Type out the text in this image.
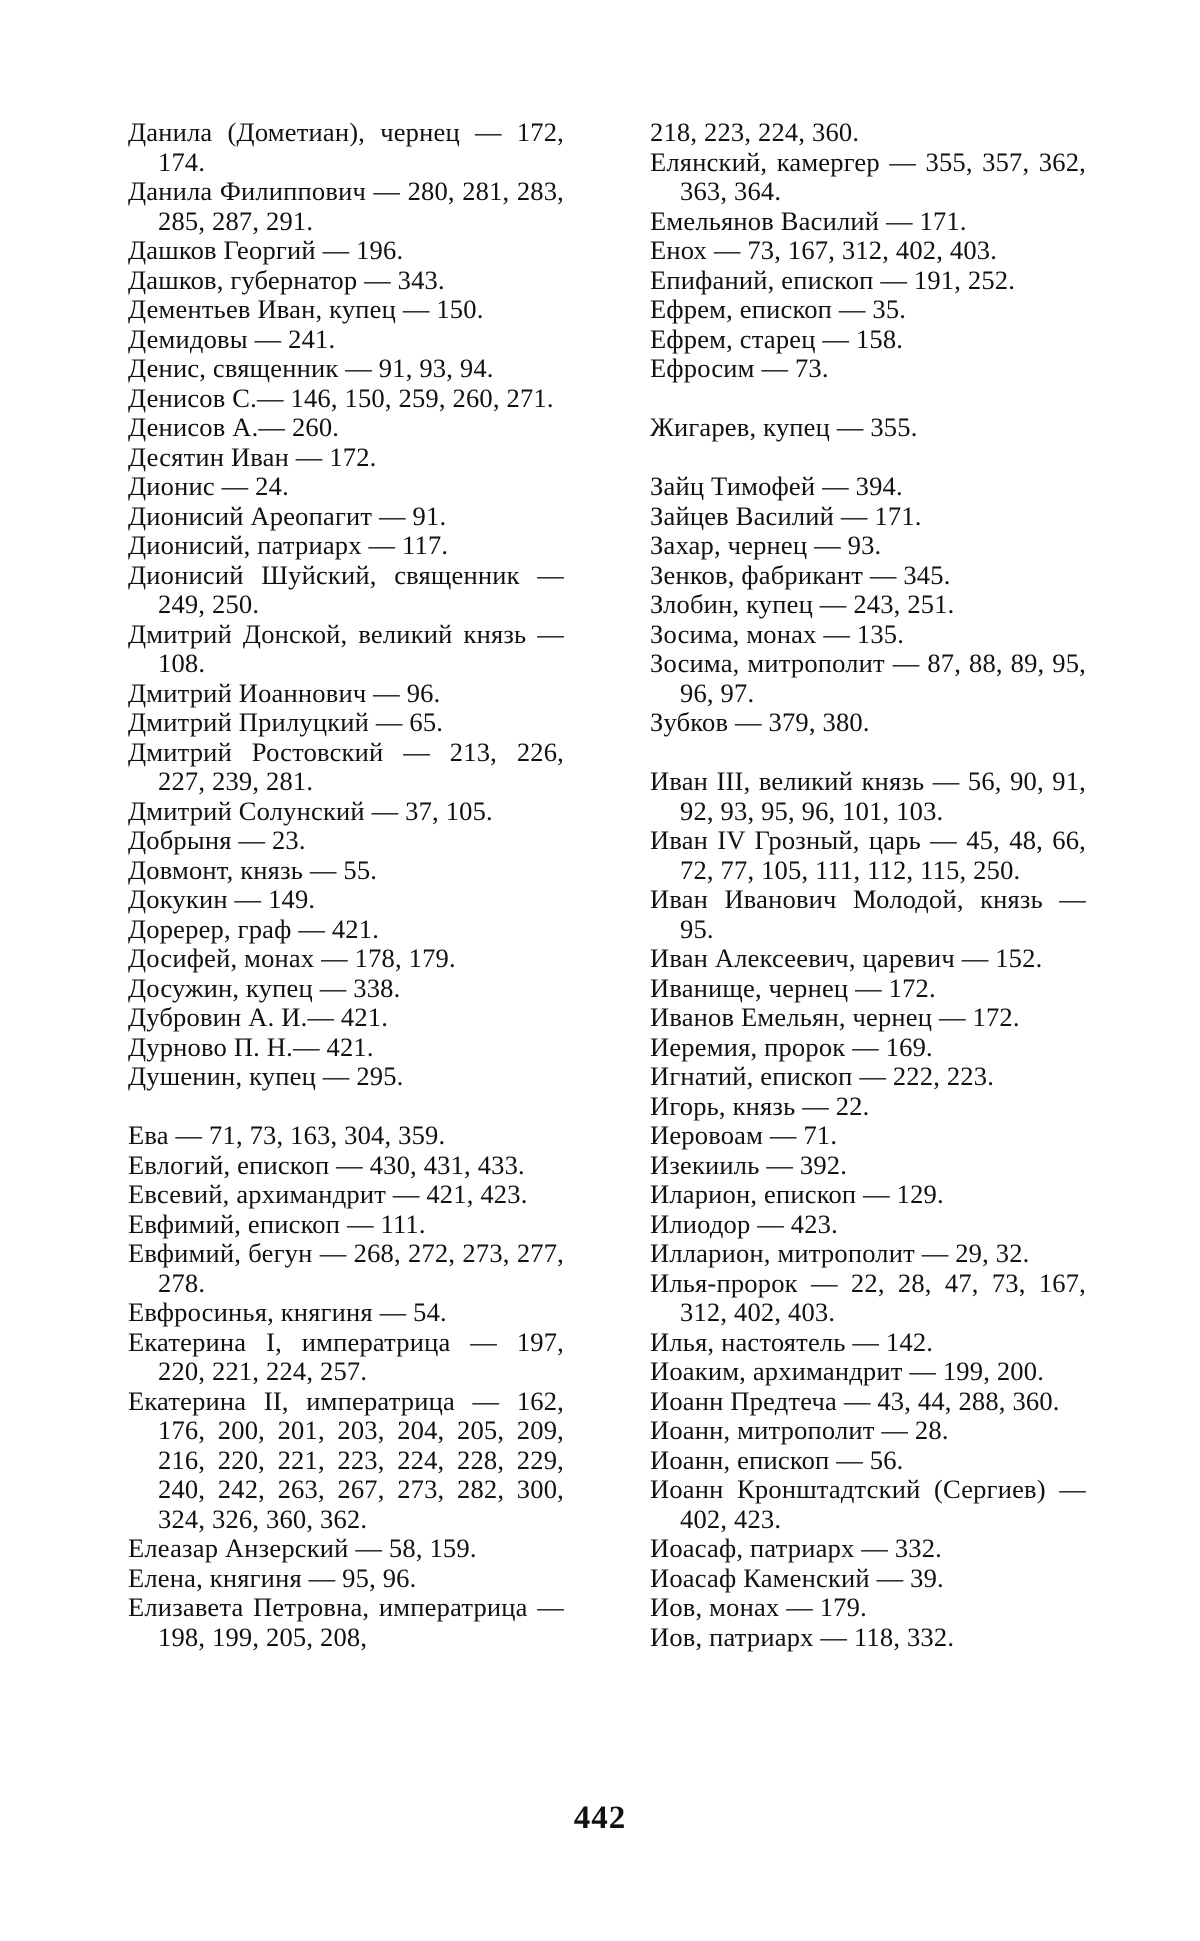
Данила (Дометиан), чернец — 172, 174.
Данила Филиппович — 280, 281, 283, 285, 287, 291.
Дашков Георгий — 196.
Дашков, губернатор — 343.
Дементьев Иван, купец — 150.
Демидовы — 241.
Денис, священник — 91, 93, 94.
Денисов С.— 146, 150, 259, 260, 271.
Денисов А.— 260.
Десятин Иван — 172.
Дионис — 24.
Дионисий Ареопагит — 91.
Дионисий, патриарх — 117.
Дионисий Шуйский, священник — 249, 250.
Дмитрий Донской, великий князь — 108.
Дмитрий Иоаннович — 96.
Дмитрий Прилуцкий — 65.
Дмитрий Ростовский — 213, 226, 227, 239, 281.
Дмитрий Солунский — 37, 105.
Добрыня — 23.
Довмонт, князь — 55.
Докукин — 149.
Доререр, граф — 421.
Досифей, монах — 178, 179.
Досужин, купец — 338.
Дубровин А. И.— 421.
Дурново П. Н.— 421.
Душенин, купец — 295.
Ева — 71, 73, 163, 304, 359.
Евлогий, епископ — 430, 431, 433.
Евсевий, архимандрит — 421, 423.
Евфимий, епископ — 111.
Евфимий, бегун — 268, 272, 273, 277, 278.
Евфросинья, княгиня — 54.
Екатерина I, императрица — 197, 220, 221, 224, 257.
Екатерина II, императрица — 162, 176, 200, 201, 203, 204, 205, 209, 216, 220, 221, 223, 224, 228, 229, 240, 242, 263, 267, 273, 282, 300, 324, 326, 360, 362.
Елеазар Анзерский — 58, 159.
Елена, княгиня — 95, 96.
Елизавета Петровна, императрица — 198, 199, 205, 208,
218, 223, 224, 360.
Елянский, камергер — 355, 357, 362, 363, 364.
Емельянов Василий — 171.
Енох — 73, 167, 312, 402, 403.
Епифаний, епископ — 191, 252.
Ефрем, епископ — 35.
Ефрем, старец — 158.
Ефросим — 73.
Жигарев, купец — 355.
Зайц Тимофей — 394.
Зайцев Василий — 171.
Захар, чернец — 93.
Зенков, фабрикант — 345.
Злобин, купец — 243, 251.
Зосима, монах — 135.
Зосима, митрополит — 87, 88, 89, 95, 96, 97.
Зубков — 379, 380.
Иван III, великий князь — 56, 90, 91, 92, 93, 95, 96, 101, 103.
Иван IV Грозный, царь — 45, 48, 66, 72, 77, 105, 111, 112, 115, 250.
Иван Иванович Молодой, князь — 95.
Иван Алексеевич, царевич — 152.
Иванище, чернец — 172.
Иванов Емельян, чернец — 172.
Иеремия, пророк — 169.
Игнатий, епископ — 222, 223.
Игорь, князь — 22.
Иеровоам — 71.
Изекииль — 392.
Иларион, епископ — 129.
Илиодор — 423.
Илларион, митрополит — 29, 32.
Илья-пророк — 22, 28, 47, 73, 167, 312, 402, 403.
Илья, настоятель — 142.
Иоаким, архимандрит — 199, 200.
Иоанн Предтеча — 43, 44, 288, 360.
Иоанн, митрополит — 28.
Иоанн, епископ — 56.
Иоанн Кронштадтский (Сергиев) — 402, 423.
Иоасаф, патриарх — 332.
Иоасаф Каменский — 39.
Иов, монах — 179.
Иов, патриарх — 118, 332.
442
